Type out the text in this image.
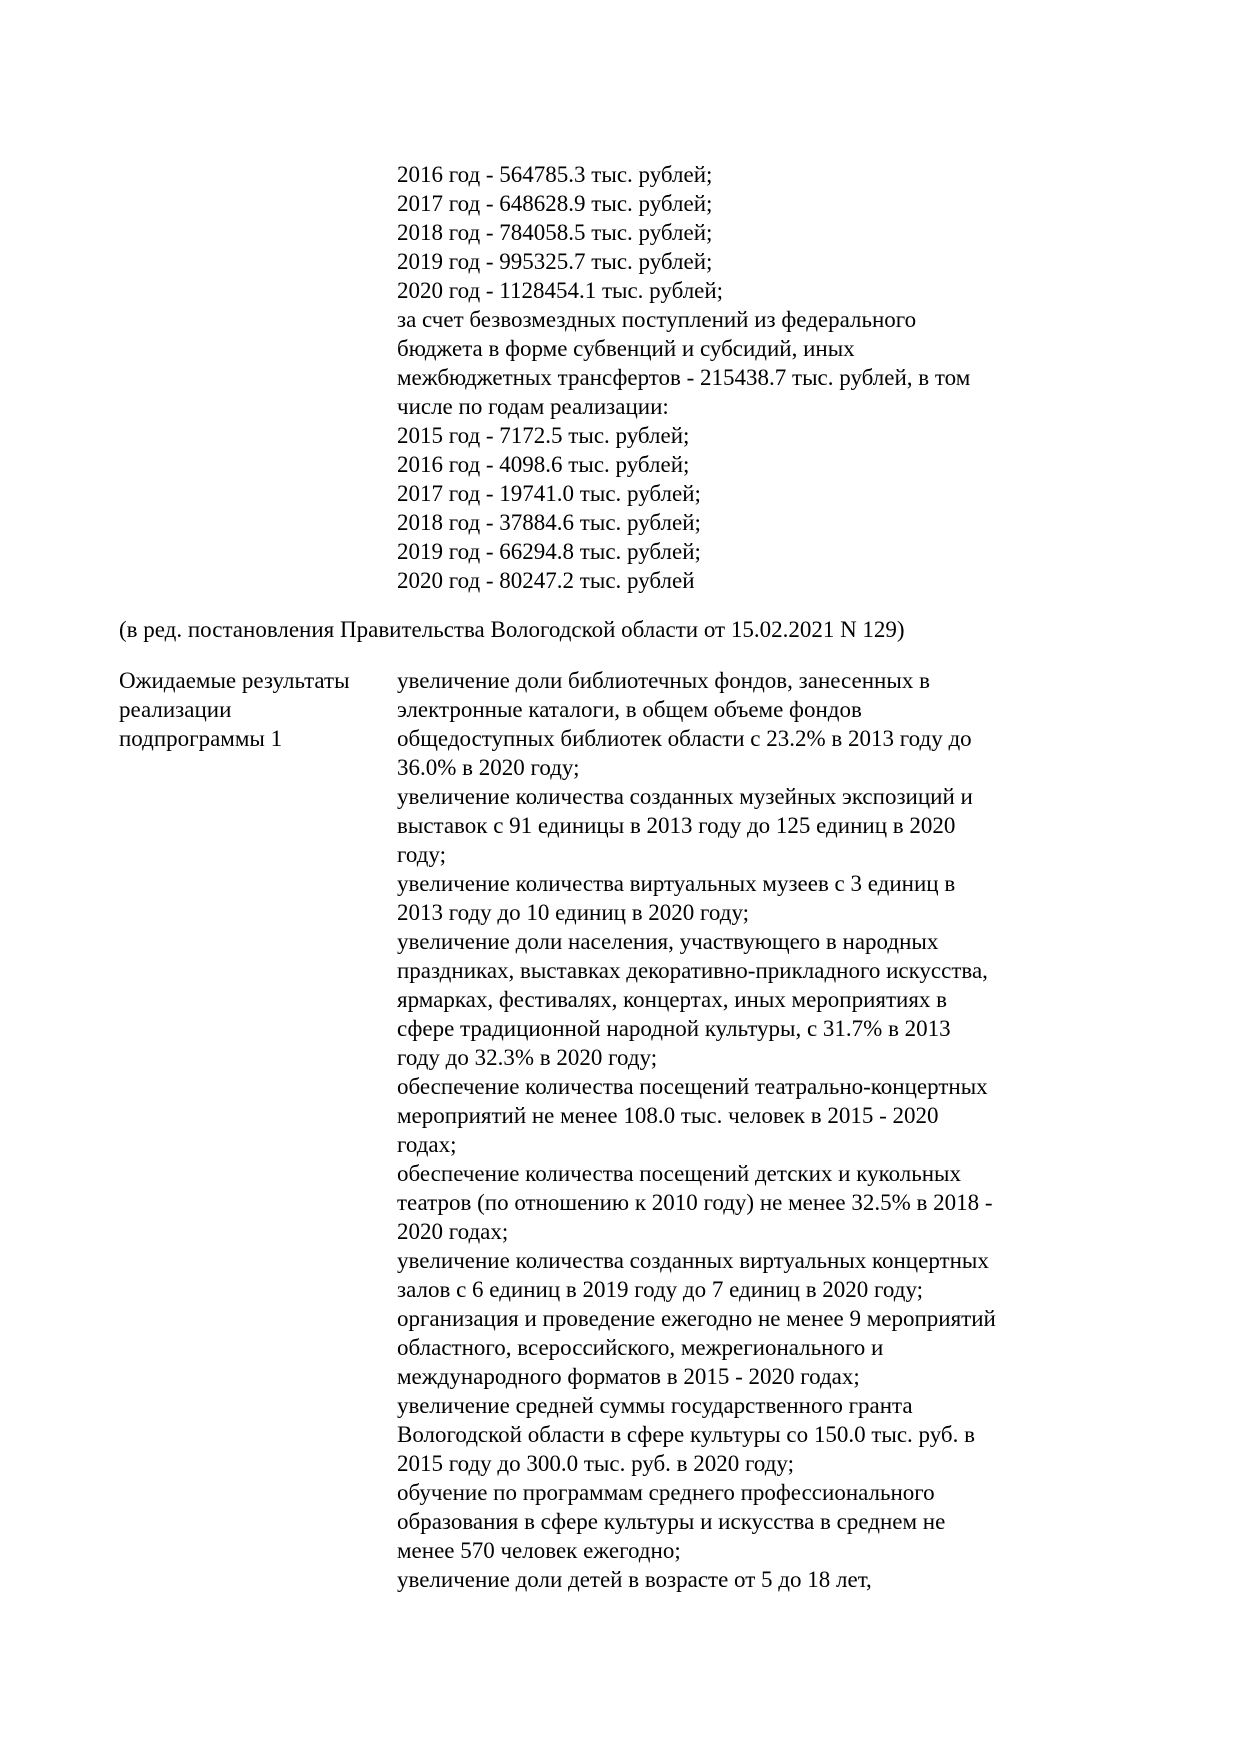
2016 год - 564785.3 тыс. рублей;
2017 год - 648628.9 тыс. рублей;
2018 год - 784058.5 тыс. рублей;
2019 год - 995325.7 тыс. рублей;
2020 год - 1128454.1 тыс. рублей;
за счет безвозмездных поступлений из федерального
бюджета в форме субвенций и субсидий, иных
межбюджетных трансфертов - 215438.7 тыс. рублей, в том
числе по годам реализации:
2015 год - 7172.5 тыс. рублей;
2016 год - 4098.6 тыс. рублей;
2017 год - 19741.0 тыс. рублей;
2018 год - 37884.6 тыс. рублей;
2019 год - 66294.8 тыс. рублей;
2020 год - 80247.2 тыс. рублей
(в ред. постановления Правительства Вологодской области от 15.02.2021 N 129)
Ожидаемые результаты
реализации
подпрограммы 1
увеличение доли библиотечных фондов, занесенных в
электронные каталоги, в общем объеме фондов
общедоступных библиотек области с 23.2% в 2013 году до
36.0% в 2020 году;
увеличение количества созданных музейных экспозиций и
выставок с 91 единицы в 2013 году до 125 единиц в 2020
году;
увеличение количества виртуальных музеев с 3 единиц в
2013 году до 10 единиц в 2020 году;
увеличение доли населения, участвующего в народных
праздниках, выставках декоративно-прикладного искусства,
ярмарках, фестивалях, концертах, иных мероприятиях в
сфере традиционной народной культуры, с 31.7% в 2013
году до 32.3% в 2020 году;
обеспечение количества посещений театрально-концертных
мероприятий не менее 108.0 тыс. человек в 2015 - 2020
годах;
обеспечение количества посещений детских и кукольных
театров (по отношению к 2010 году) не менее 32.5% в 2018 -
2020 годах;
увеличение количества созданных виртуальных концертных
залов с 6 единиц в 2019 году до 7 единиц в 2020 году;
организация и проведение ежегодно не менее 9 мероприятий
областного, всероссийского, межрегионального и
международного форматов в 2015 - 2020 годах;
увеличение средней суммы государственного гранта
Вологодской области в сфере культуры со 150.0 тыс. руб. в
2015 году до 300.0 тыс. руб. в 2020 году;
обучение по программам среднего профессионального
образования в сфере культуры и искусства в среднем не
менее 570 человек ежегодно;
увеличение доли детей в возрасте от 5 до 18 лет,
